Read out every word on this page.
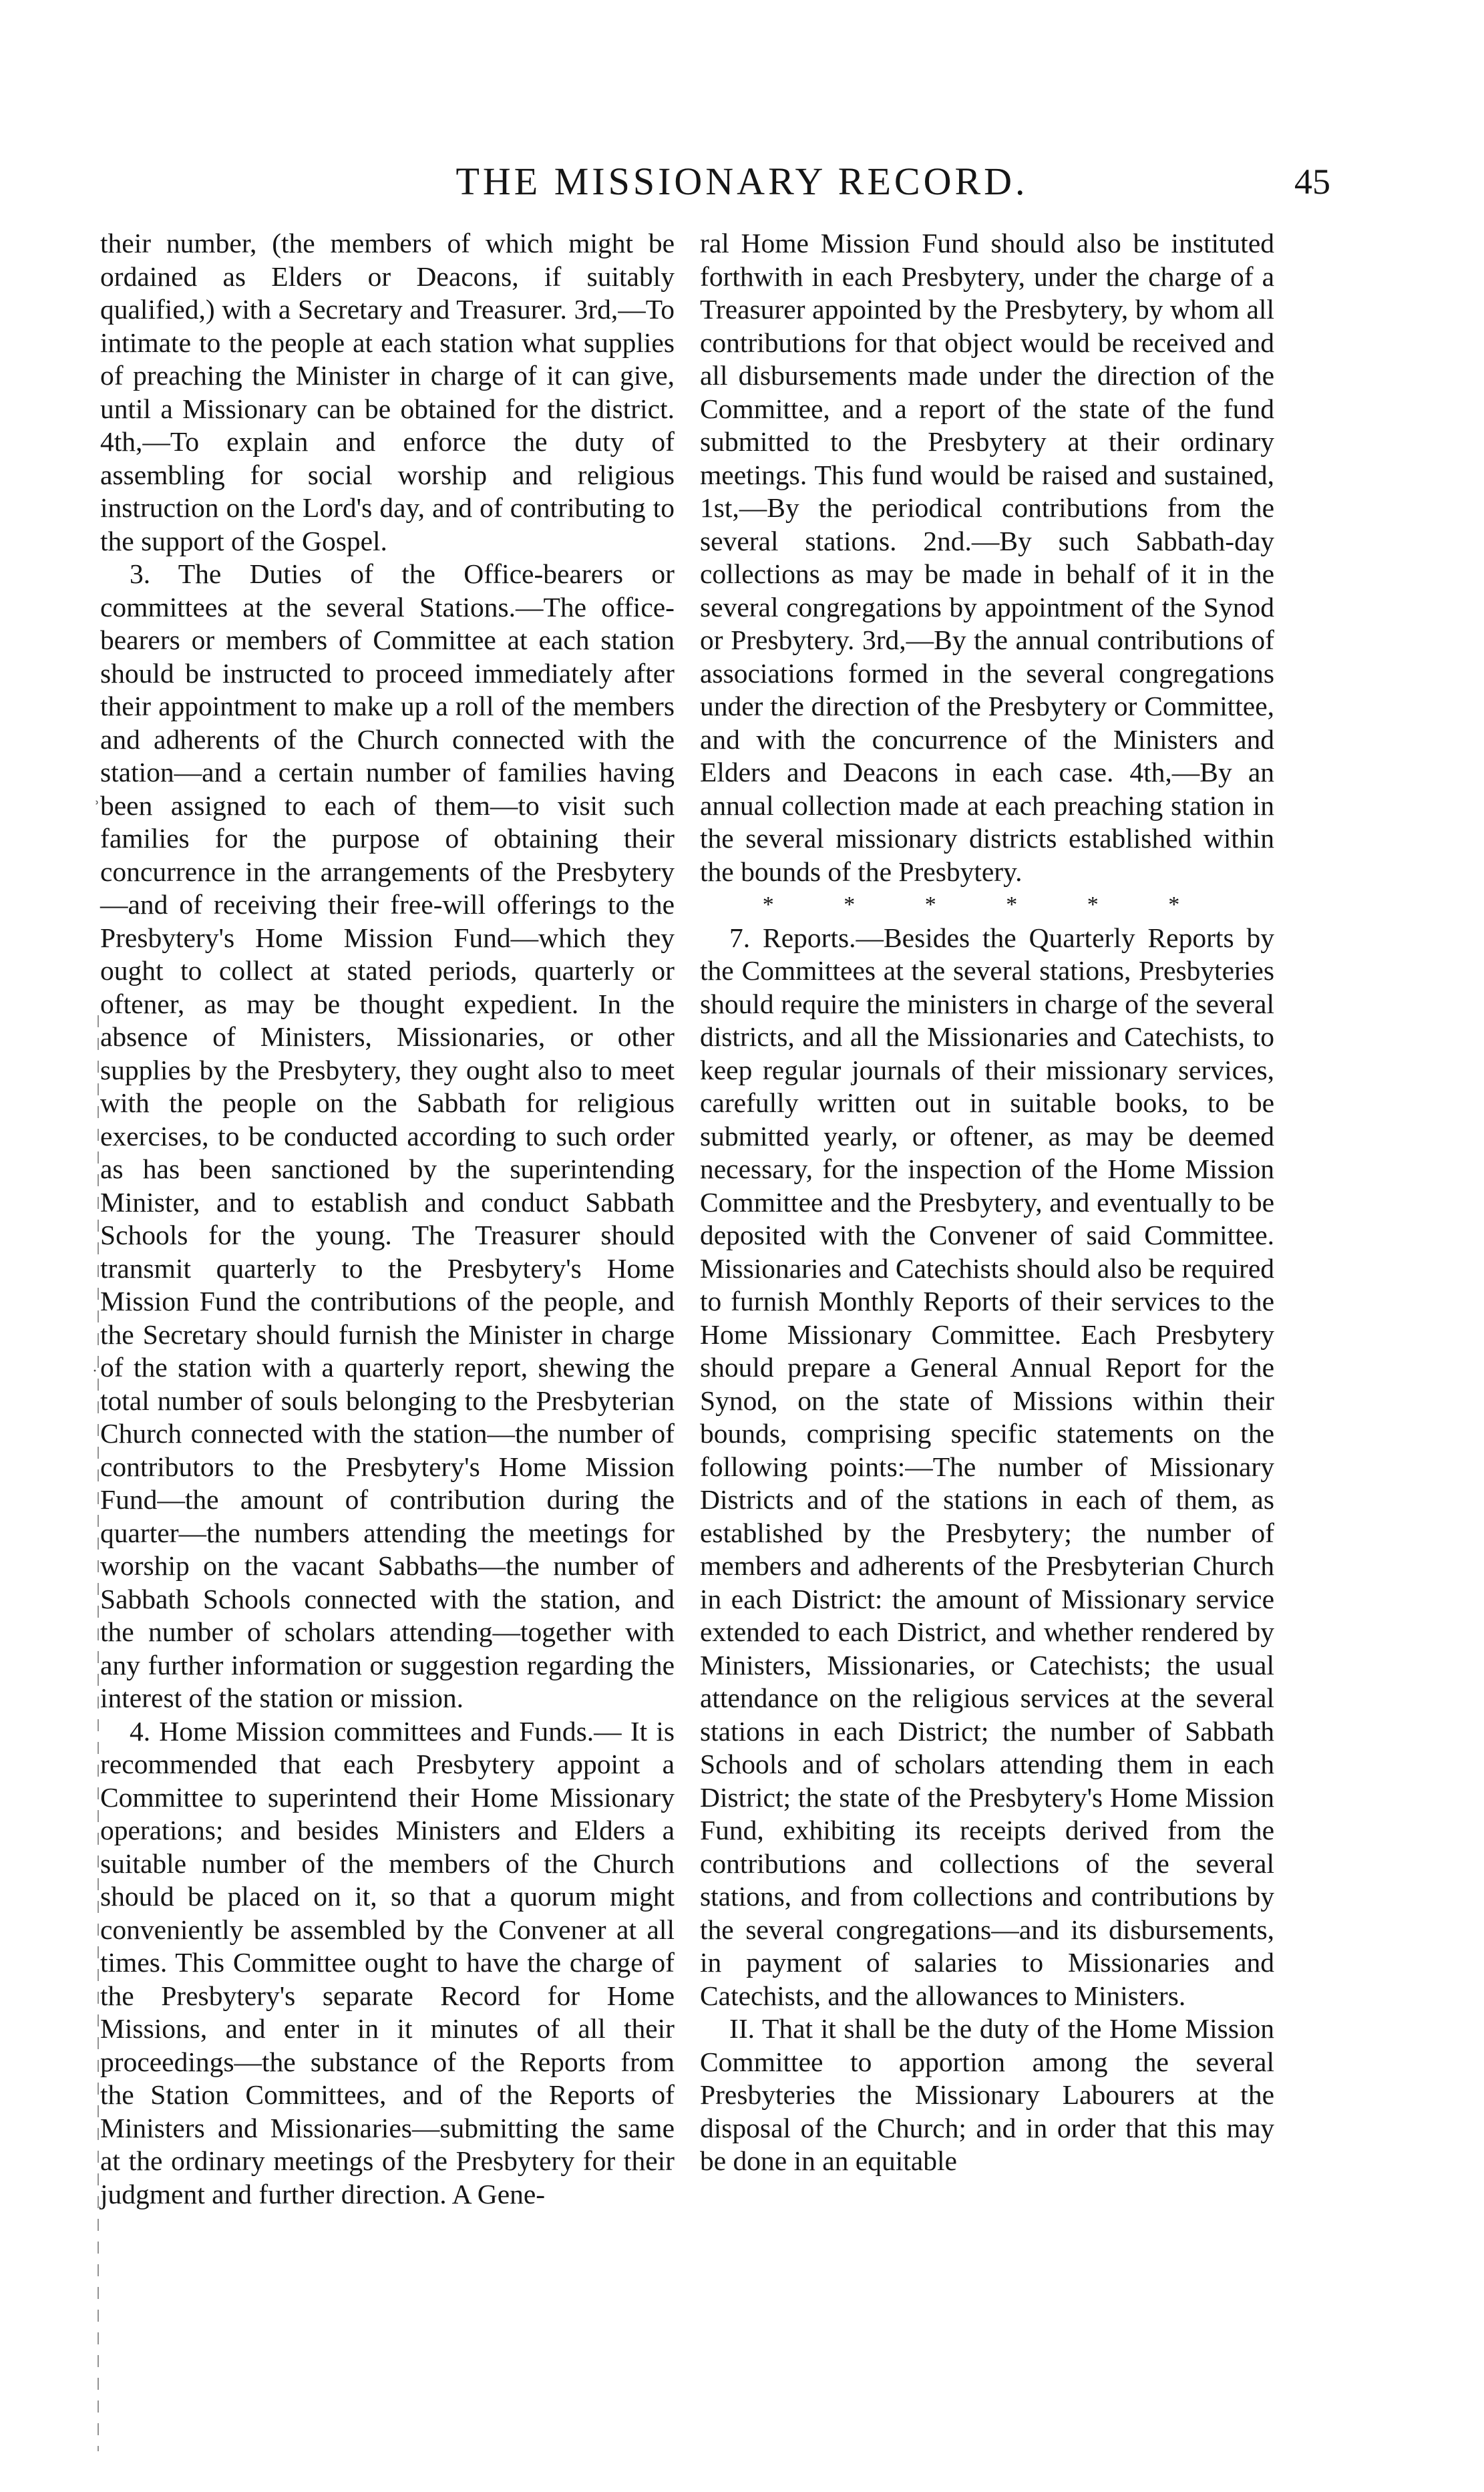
THE MISSIONARY RECORD.	45
˒
·

their number, (the members of which might be ordained as Elders or Deacons, if suitably qualified,) with a Secretary and Treasurer. 3rd,—To intimate to the people at each station what supplies of preaching the Minister in charge of it can give, until a Missionary can be obtained for the district. 4th,—To explain and enforce the duty of assembling for social worship and religious instruction on the Lord's day, and of contributing to the support of the Gospel.

3. The Duties of the Office-bearers or committees at the several Stations.—The office-bearers or members of Committee at each station should be instructed to proceed immediately after their appointment to make up a roll of the members and adherents of the Church connected with the station—and a certain number of families having been assigned to each of them—to visit such families for the purpose of obtaining their concurrence in the arrangements of the Presbytery—and of receiving their free-will offerings to the Presbytery's Home Mission Fund—which they ought to collect at stated periods, quarterly or oftener, as may be thought expedient. In the absence of Ministers, Missionaries, or other supplies by the Presbytery, they ought also to meet with the people on the Sabbath for religious exercises, to be conducted according to such order as has been sanctioned by the superintending Minister, and to establish and conduct Sabbath Schools for the young. The Treasurer should transmit quarterly to the Presbytery's Home Mission Fund the contributions of the people, and the Secretary should furnish the Minister in charge of the station with a quarterly report, shewing the total number of souls belonging to the Presbyterian Church connected with the station—the number of contributors to the Presbytery's Home Mission Fund—the amount of contribution during the quarter—the numbers attending the meetings for worship on the vacant Sabbaths—the number of Sabbath Schools connected with the station, and the number of scholars attending—together with any further information or suggestion regarding the interest of the station or mission.

4. Home Mission committees and Funds.— It is recommended that each Presbytery appoint a Committee to superintend their Home Missionary operations; and besides Ministers and Elders a suitable number of the members of the Church should be placed on it, so that a quorum might conveniently be assembled by the Convener at all times. This Committee ought to have the charge of the Presbytery's separate Record for Home Missions, and enter in it minutes of all their proceedings—the substance of the Reports from the Station Committees, and of the Reports of Ministers and Missionaries—submitting the same at the ordinary meetings of the Presbytery for their judgment and further direction. A Gene-

ral Home Mission Fund should also be instituted forthwith in each Presbytery, under the charge of a Treasurer appointed by the Presbytery, by whom all contributions for that object would be received and all disbursements made under the direction of the Committee, and a report of the state of the fund submitted to the Presbytery at their ordinary meetings. This fund would be raised and sustained, 1st,—By the periodical contributions from the several stations. 2nd.—By such Sabbath-day collections as may be made in behalf of it in the several congregations by appointment of the Synod or Presbytery. 3rd,—By the annual contributions of associations formed in the several congregations under the direction of the Presbytery or Committee, and with the concurrence of the Ministers and Elders and Deacons in each case. 4th,—By an annual collection made at each preaching station in the several missionary districts established within the bounds of the Presbytery.

* * * * * *

7. Reports.—Besides the Quarterly Reports by the Committees at the several stations, Presbyteries should require the ministers in charge of the several districts, and all the Missionaries and Catechists, to keep regular journals of their missionary services, carefully written out in suitable books, to be submitted yearly, or oftener, as may be deemed necessary, for the inspection of the Home Mission Committee and the Presbytery, and eventually to be deposited with the Convener of said Committee. Missionaries and Catechists should also be required to furnish Monthly Reports of their services to the Home Missionary Committee. Each Presbytery should prepare a General Annual Report for the Synod, on the state of Missions within their bounds, comprising specific statements on the following points:—The number of Missionary Districts and of the stations in each of them, as established by the Presbytery; the number of members and adherents of the Presbyterian Church in each District: the amount of Missionary service extended to each District, and whether rendered by Ministers, Missionaries, or Catechists; the usual attendance on the religious services at the several stations in each District; the number of Sabbath Schools and of scholars attending them in each District; the state of the Presbytery's Home Mission Fund, exhibiting its receipts derived from the contributions and collections of the several stations, and from collections and contributions by the several congregations—and its disbursements, in payment of salaries to Missionaries and Catechists, and the allowances to Ministers.

II. That it shall be the duty of the Home Mission Committee to apportion among the several Presbyteries the Missionary Labourers at the disposal of the Church; and in order that this may be done in an equitable
